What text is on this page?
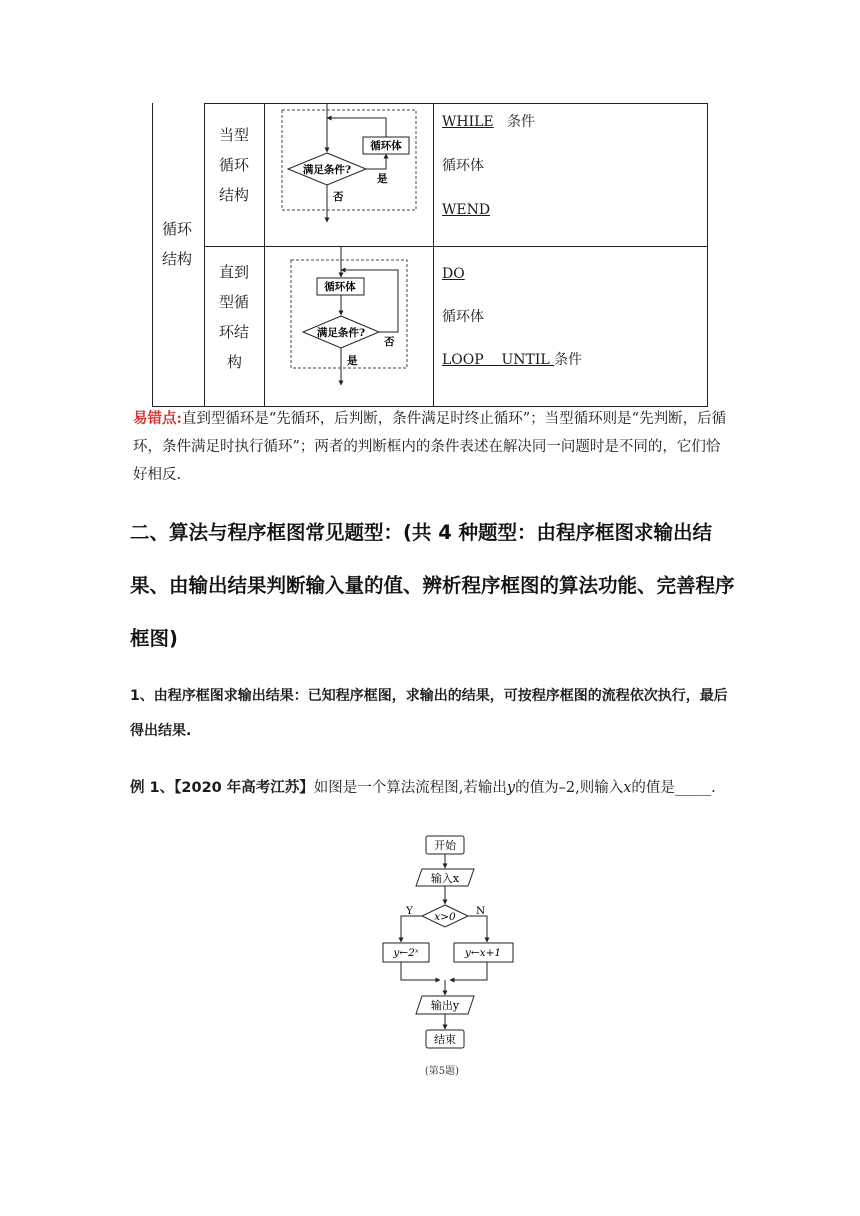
循环
结构
当型
循环
结构
满足条件?
循环体
是
否
WHILE 条件
循环体
WEND
直到
型循
环结
构
循环体
满足条件?
否
是
DO
循环体
LOOP UNTIL 条件
易错点:直到型循环是“先循环，后判断，条件满足时终止循环”；当型循环则是“先判断，后循环，条件满足时执行循环”；两者的判断框内的条件表述在解决同一问题时是不同的，它们恰好相反.
二、算法与程序框图常见题型：(共 4 种题型：由程序框图求输出结果、由输出结果判断输入量的值、辨析程序框图的算法功能、完善程序框图)
1、由程序框图求输出结果：已知程序框图，求输出的结果，可按程序框图的流程依次执行，最后得出结果.
例 1、【2020 年高考江苏】如图是一个算法流程图,若输出y的值为–2,则输入x的值是_____.
开始
输入x
x>0
Y	N
y←2ˣ	y←x+1
输出y
结束
(第5题)
